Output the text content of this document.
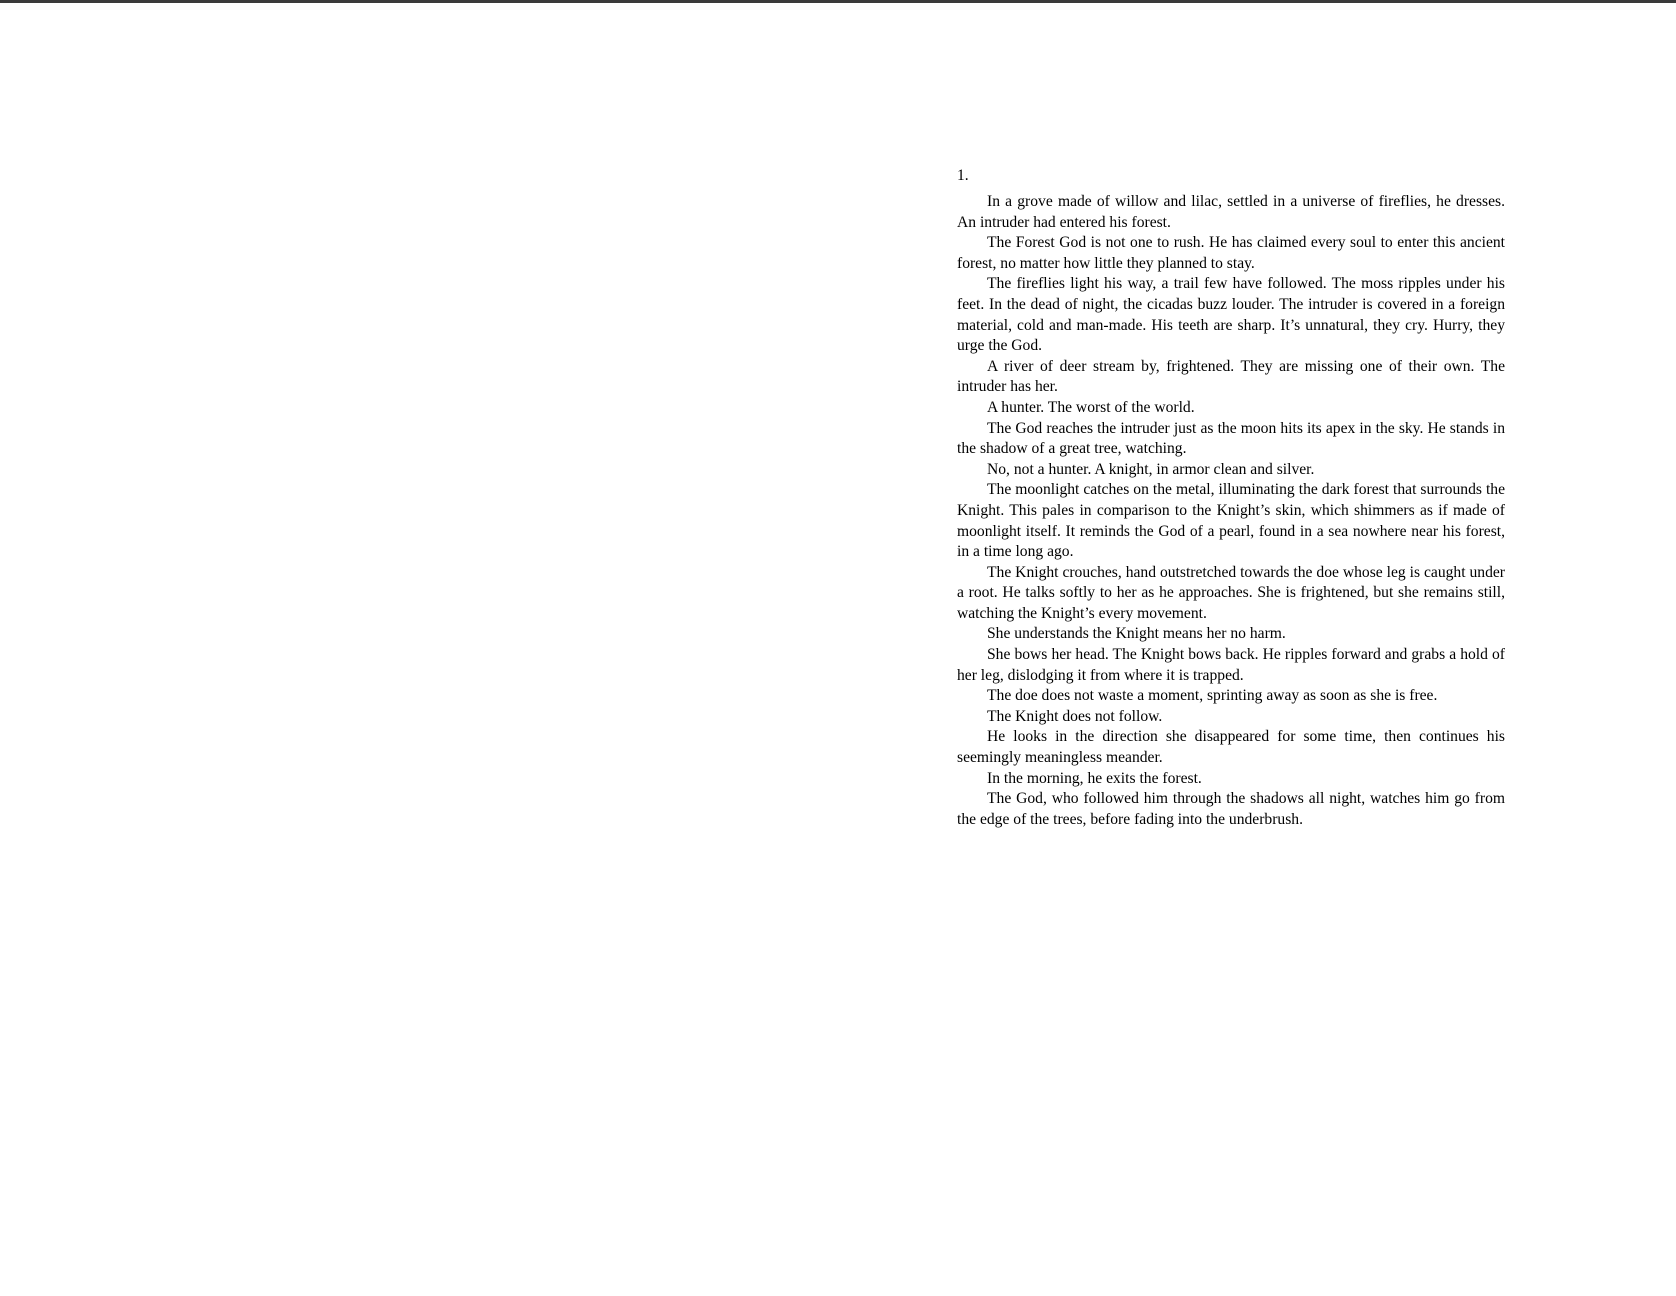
1.

In a grove made of willow and lilac, settled in a universe of fireflies, he dresses. An intruder had entered his forest.

The Forest God is not one to rush. He has claimed every soul to enter this ancient forest, no matter how little they planned to stay.

The fireflies light his way, a trail few have followed. The moss ripples under his feet. In the dead of night, the cicadas buzz louder. The intruder is covered in a foreign material, cold and man-made. His teeth are sharp. It’s unnatural, they cry. Hurry, they urge the God.

A river of deer stream by, frightened. They are missing one of their own. The intruder has her.

A hunter. The worst of the world.

The God reaches the intruder just as the moon hits its apex in the sky. He stands in the shadow of a great tree, watching.

No, not a hunter. A knight, in armor clean and silver.

The moonlight catches on the metal, illuminating the dark forest that surrounds the Knight. This pales in comparison to the Knight’s skin, which shimmers as if made of moonlight itself. It reminds the God of a pearl, found in a sea nowhere near his forest, in a time long ago.

The Knight crouches, hand outstretched towards the doe whose leg is caught under a root. He talks softly to her as he approaches. She is frightened, but she remains still, watching the Knight’s every movement.

She understands the Knight means her no harm.

She bows her head. The Knight bows back. He ripples forward and grabs a hold of her leg, dislodging it from where it is trapped.

The doe does not waste a moment, sprinting away as soon as she is free.

The Knight does not follow.

He looks in the direction she disappeared for some time, then continues his seemingly meaningless meander.

In the morning, he exits the forest.

The God, who followed him through the shadows all night, watches him go from the edge of the trees, before fading into the underbrush.
